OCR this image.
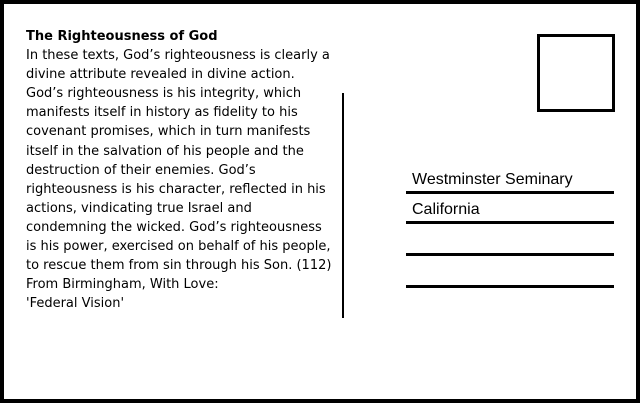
The Righteousness of God
In these texts, God’s righteousness is clearly a divine attribute revealed in divine action. God’s righteousness is his integrity, which manifests itself in history as fidelity to his covenant promises, which in turn manifests itself in the salvation of his people and the destruction of their enemies. God’s righteousness is his character, reflected in his actions, vindicating true Israel and condemning the wicked. God’s righteousness is his power, exercised on behalf of his people, to rescue them from sin through his Son. (112)
From Birmingham, With Love:
'Federal Vision'
Westminster Seminary
California
